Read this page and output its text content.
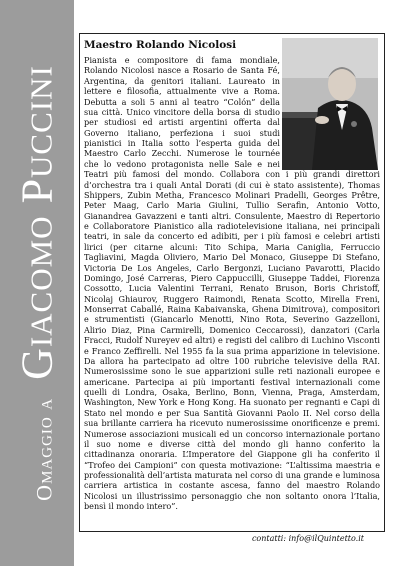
Omaggio aGiacomo Puccini
Maestro Rolando Nicolosi

Pianista e compositore di fama mondiale, Rolando Nicolosi nasce a Rosario de Santa Fé, Argentina, da genitori italiani. Laureato in lettere e filosofia, attualmente vive a Roma. Debutta a soli 5 anni al teatro “Colón” della sua città. Unico vincitore della borsa di studio per studiosi ed artisti argentini offerta dal Governo italiano, perfeziona i suoi studi pianistici in Italia sotto l’esperta guida del Maestro Carlo Zecchi. Numerose le tournée che lo vedono protagonista nelle Sale e nei Teatri più famosi del mondo. Collabora con i più grandi direttori d’orchestra tra i quali Antal Dorati (di cui è stato assistente), Thomas Shippers, Zubin Metha, Francesco Molinari Pradelli, Georges Prêtre, Peter Maag, Carlo Maria Giulini, Tullio Serafin, Antonio Votto, Gianandrea Gavazzeni e tanti altri. Consulente, Maestro di Repertorio e Collaboratore Pianistico alla radiotelevisione italiana, nei principali teatri, in sale da concerto ed adibiti, per i più famosi e celebri artisti lirici (per citarne alcuni: Tito Schipa, Maria Caniglia, Ferruccio Tagliavini, Magda Oliviero, Mario Del Monaco, Giuseppe Di Stefano, Victoria De Los Angeles, Carlo Bergonzi, Luciano Pavarotti, Placido Domingo, José Carreras, Piero Cappuccilli, Giuseppe Taddei, Fiorenza Cossotto, Lucia Valentini Terrani, Renato Bruson, Boris Christoff, Nicolaj Ghiaurov, Ruggero Raimondi, Renata Scotto, Mirella Freni, Monserrat Caballé, Raina Kabaivanska, Ghena Dimitrova), compositori e strumentisti (Giancarlo Menotti, Nino Rota, Severino Gazzelloni, Alirio Diaz, Pina Carmirelli, Domenico Ceccarossi), danzatori (Carla Fracci, Rudolf Nureyev ed altri) e registi del calibro di Luchino Visconti e Franco Zeffirelli. Nel 1955 fa la sua prima apparizione in televisione. Da allora ha partecipato ad oltre 100 rubriche televisive della RAI. Numerosissime sono le sue apparizioni sulle reti nazionali europee e americane. Partecipa ai più importanti festival internazionali come quelli di Londra, Osaka, Berlino, Bonn, Vienna, Praga, Amsterdam, Washington, New York e Hong Kong. Ha suonato per regnanti e Capi di Stato nel mondo e per Sua Santità Giovanni Paolo II. Nel corso della sua brillante carriera ha ricevuto numerosissime onorificenze e premi. Numerose associazioni musicali ed un concorso internazionale portano il suo nome e diverse città del mondo gli hanno conferito la cittadinanza onoraria. L’Imperatore del Giappone gli ha conferito il “Trofeo dei Campioni” con questa motivazione: “L’altissima maestria e professionalità dell’artista maturata nel corso di una grande e luminosa carriera artistica in costante ascesa, fanno del maestro Rolando Nicolosi un illustrissimo personaggio che non soltanto onora l’Italia, bensì il mondo intero”.

contatti: info@ilQuintetto.it
